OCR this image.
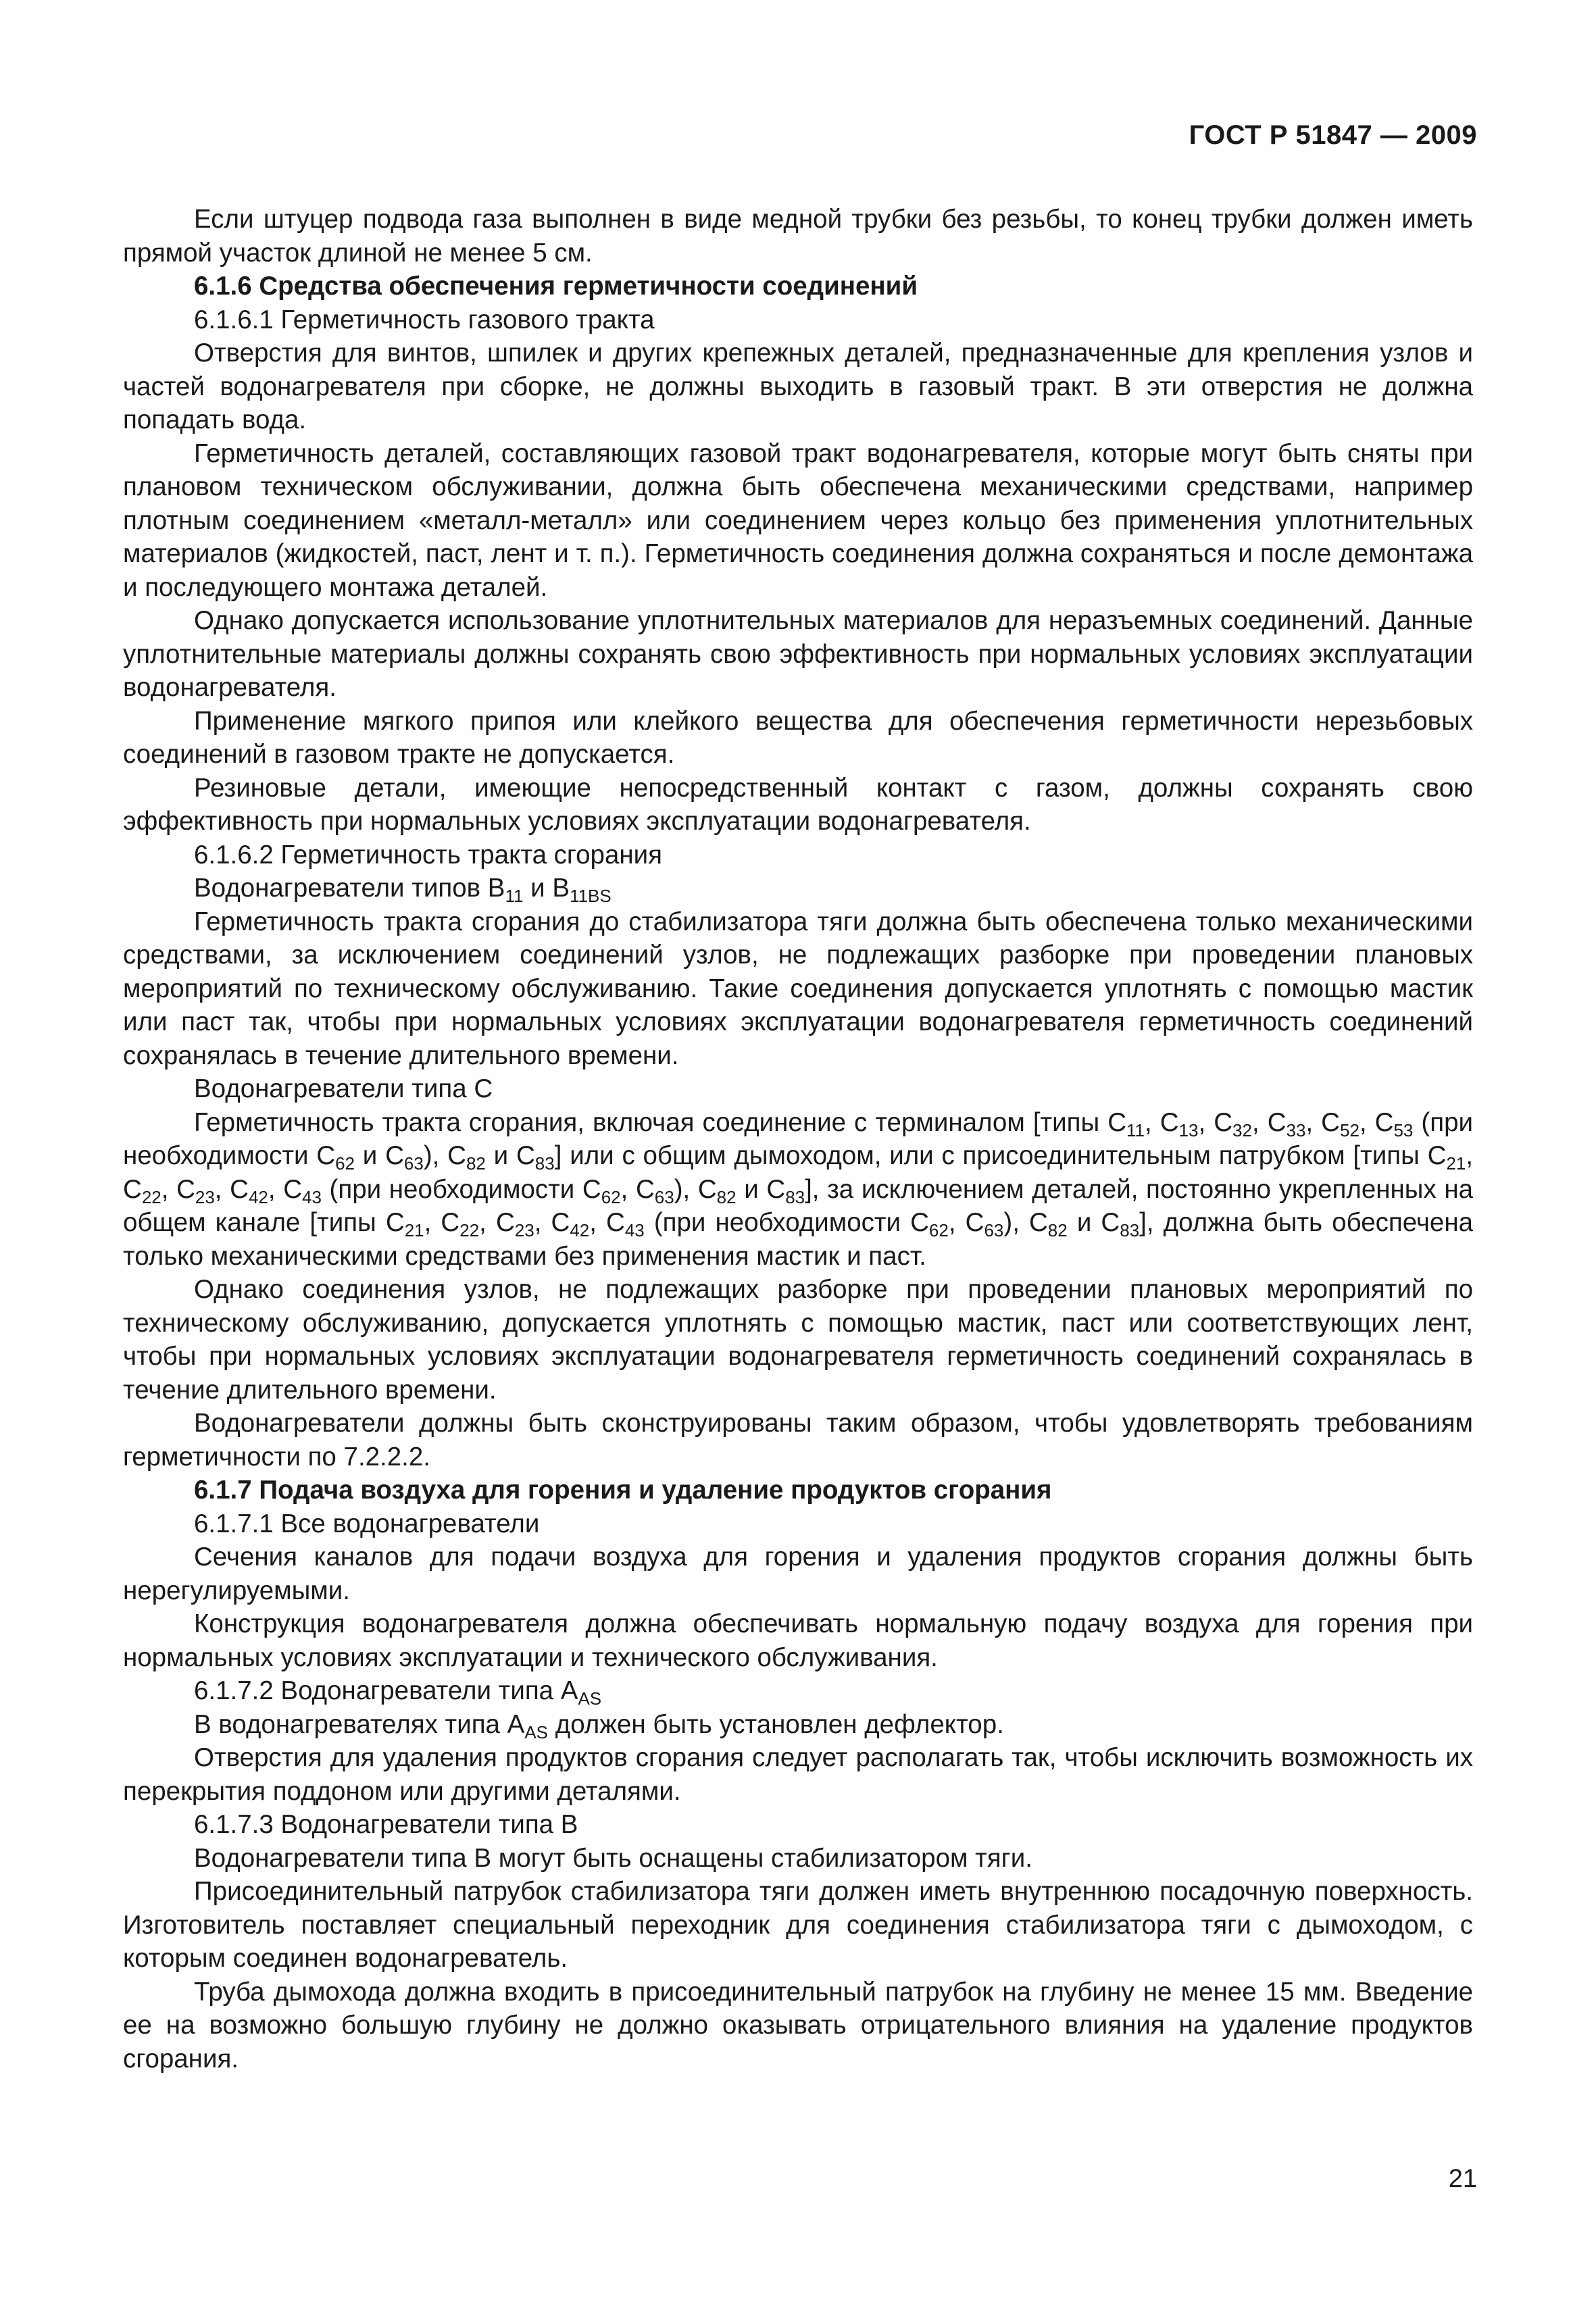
ГОСТ Р 51847 — 2009

Если штуцер подвода газа выполнен в виде медной трубки без резьбы, то конец трубки должен иметь прямой участок длиной не менее 5 см.

6.1.6 Средства обеспечения герметичности соединений

6.1.6.1 Герметичность газового тракта

Отверстия для винтов, шпилек и других крепежных деталей, предназначенные для крепления узлов и частей водонагревателя при сборке, не должны выходить в газовый тракт. В эти отверстия не должна попадать вода.

Герметичность деталей, составляющих газовой тракт водонагревателя, которые могут быть сняты при плановом техническом обслуживании, должна быть обеспечена механическими средствами, например плотным соединением «металл-металл» или соединением через кольцо без применения уплотнительных материалов (жидкостей, паст, лент и т. п.). Герметичность соединения должна сохраняться и после демонтажа и последующего монтажа деталей.

Однако допускается использование уплотнительных материалов для неразъемных соединений. Данные уплотнительные материалы должны сохранять свою эффективность при нормальных условиях эксплуатации водонагревателя.

Применение мягкого припоя или клейкого вещества для обеспечения герметичности нерезьбовых соединений в газовом тракте не допускается.

Резиновые детали, имеющие непосредственный контакт с газом, должны сохранять свою эффективность при нормальных условиях эксплуатации водонагревателя.

6.1.6.2 Герметичность тракта сгорания

Водонагреватели типов $B_{11}$ и $B_{11BS}$

Герметичность тракта сгорания до стабилизатора тяги должна быть обеспечена только механическими средствами, за исключением соединений узлов, не подлежащих разборке при проведении плановых мероприятий по техническому обслуживанию. Такие соединения допускается уплотнять с помощью мастик или паст так, чтобы при нормальных условиях эксплуатации водонагревателя герметичность соединений сохранялась в течение длительного времени.

Водонагреватели типа C

Герметичность тракта сгорания, включая соединение с терминалом [типы $C_{11}$, $C_{13}$, $C_{32}$, $C_{33}$, $C_{52}$, $C_{53}$ (при необходимости $C_{62}$ и $C_{63}$), $C_{82}$ и $C_{83}$] или с общим дымоходом, или с присоединительным патрубком [типы $C_{21}$, $C_{22}$, $C_{23}$, $C_{42}$, $C_{43}$ (при необходимости $C_{62}$, $C_{63}$), $C_{82}$ и $C_{83}$], за исключением деталей, постоянно укрепленных на общем канале [типы $C_{21}$, $C_{22}$, $C_{23}$, $C_{42}$, $C_{43}$ (при необходимости $C_{62}$, $C_{63}$), $C_{82}$ и $C_{83}$], должна быть обеспечена только механическими средствами без применения мастик и паст.

Однако соединения узлов, не подлежащих разборке при проведении плановых мероприятий по техническому обслуживанию, допускается уплотнять с помощью мастик, паст или соответствующих лент, чтобы при нормальных условиях эксплуатации водонагревателя герметичность соединений сохранялась в течение длительного времени.

Водонагреватели должны быть сконструированы таким образом, чтобы удовлетворять требованиям герметичности по 7.2.2.2.

6.1.7 Подача воздуха для горения и удаление продуктов сгорания

6.1.7.1 Все водонагреватели

Сечения каналов для подачи воздуха для горения и удаления продуктов сгорания должны быть нерегулируемыми.

Конструкция водонагревателя должна обеспечивать нормальную подачу воздуха для горения при нормальных условиях эксплуатации и технического обслуживания.

6.1.7.2 Водонагреватели типа $A_{AS}$

В водонагревателях типа $A_{AS}$ должен быть установлен дефлектор.

Отверстия для удаления продуктов сгорания следует располагать так, чтобы исключить возможность их перекрытия поддоном или другими деталями.

6.1.7.3 Водонагреватели типа B

Водонагреватели типа B могут быть оснащены стабилизатором тяги.

Присоединительный патрубок стабилизатора тяги должен иметь внутреннюю посадочную поверхность. Изготовитель поставляет специальный переходник для соединения стабилизатора тяги с дымоходом, с которым соединен водонагреватель.

Труба дымохода должна входить в присоединительный патрубок на глубину не менее 15 мм. Введение ее на возможно большую глубину не должно оказывать отрицательного влияния на удаление продуктов сгорания.

21
